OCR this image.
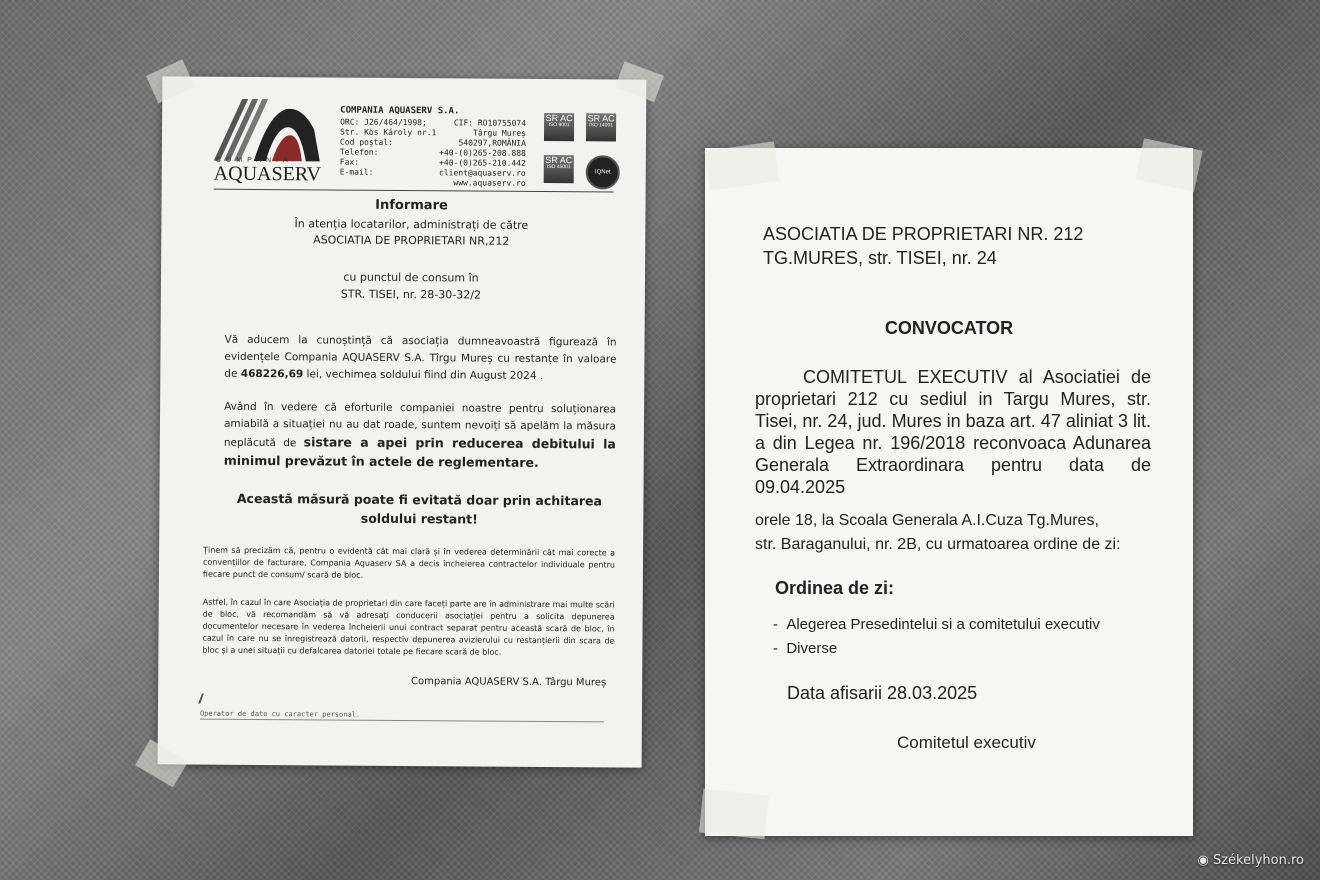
COMPANIA
AQUASERV
COMPANIA AQUASERV S.A.
ORC: J26/464/1998;	CIF: RO10755074
Str. Kös Károly nr.1	Târgu Mureș
Cod poștal:	540297,ROMÂNIA
Telefon:	+40-(0)265-208.888
Fax:	+40-(0)265-210.442
E-mail:	client@aquaserv.ro
www.aquaserv.ro
SR AC
ISO 9001
SR AC
ISO 14001
SR AC
ISO 45001
IQNet
Informare
În atenția locatarilor, administrați de către
ASOCIATIA DE PROPRIETARI NR,212
cu punctul de consum în
STR. TISEI, nr. 28-30-32/2
Vă aducem la cunoștință că asociația dumneavoastră figurează în evidențele Compania AQUASERV S.A. Tîrgu Mureș cu restanțe în valoare de 468226,69 lei, vechimea soldului fiind din August 2024 .
Având în vedere că eforturile companiei noastre pentru soluționarea amiabilă a situației nu au dat roade, suntem nevoiți să apelăm la măsura neplăcută de sistare a apei prin reducerea debitului la minimul prevăzut în actele de reglementare.
Această măsură poate fi evitată doar prin achitarea soldului restant!
Ținem să precizăm că, pentru o evidentă cât mai clară și în vederea determinării cât mai corecte a convențiilor de facturare, Compania Aquaserv SA a decis încheierea contractelor individuale pentru fiecare punct de consum/ scară de bloc.
Astfel, în cazul în care Asociația de proprietari din care faceți parte are în administrare mai multe scări de bloc, vă recomandăm să vă adresați conducerii asociației pentru a solicita depunerea documentelor necesare în vederea încheierii unui contract separat pentru această scară de bloc, în cazul în care nu se înregistrează datorii, respectiv depunerea avizierului cu restanțierii din scara de bloc și a unei situații cu defalcarea datoriei totale pe fiecare scară de bloc.
Compania AQUASERV S.A. Târgu Mureș
Operator de date cu caracter personal.
ASOCIATIA DE PROPRIETARI NR. 212
TG.MURES, str. TISEI, nr. 24
CONVOCATOR
COMITETUL EXECUTIV al Asociatiei de proprietari 212 cu sediul in Targu Mures, str. Tisei, nr. 24, jud. Mures in baza art. 47 aliniat 3 lit. a din Legea nr. 196/2018 reconvoaca Adunarea Generala Extraordinara pentru data de 09.04.2025
orele 18, la Scoala Generala A.I.Cuza Tg.Mures,
str. Baraganului, nr. 2B, cu urmatoarea ordine de zi:
Ordinea de zi:
-  Alegerea Presedintelui si a comitetului executiv
-  Diverse
Data afisarii 28.03.2025
Comitetul executiv
◉ Székelyhon.ro
